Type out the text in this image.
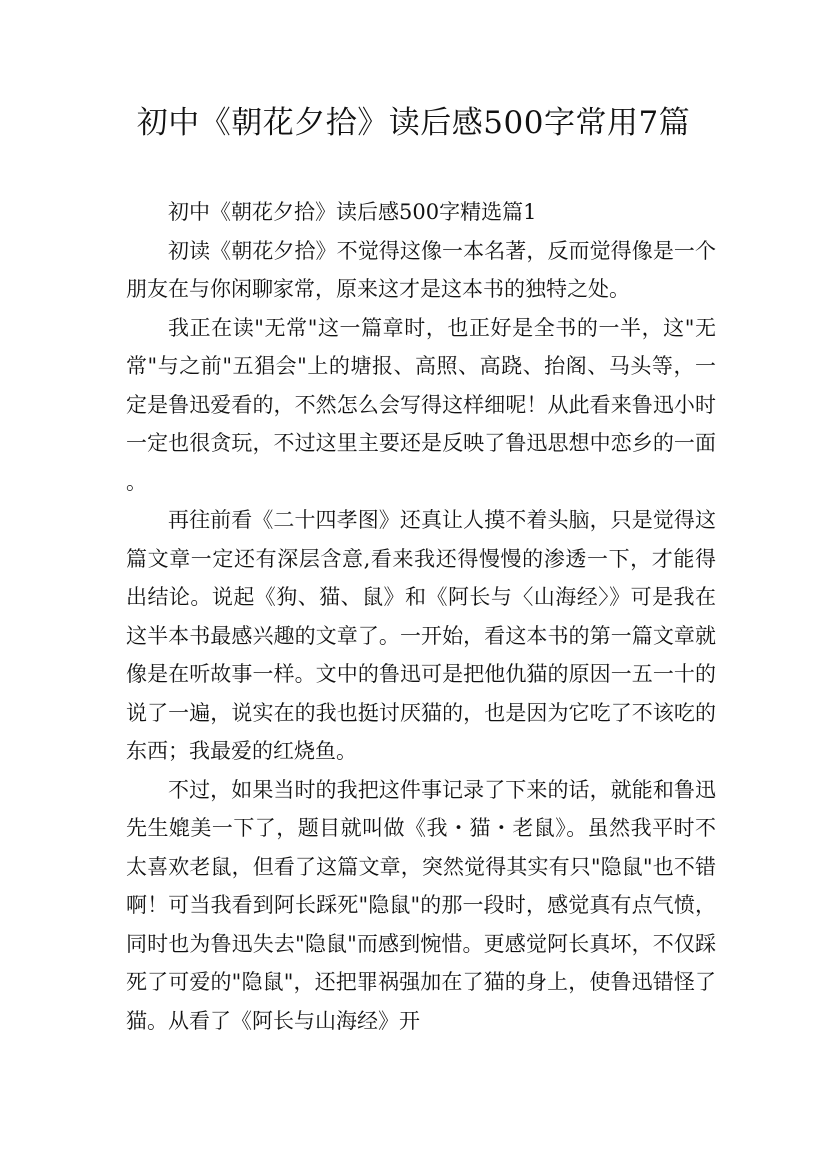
初中《朝花夕拾》读后感500字常用7篇

初中《朝花夕拾》读后感500字精选篇1

初读《朝花夕拾》不觉得这像一本名著，反而觉得像是一个朋友在与你闲聊家常，原来这才是这本书的独特之处。

我正在读"无常"这一篇章时，也正好是全书的一半，这"无常"与之前"五猖会"上的塘报、高照、高跷、抬阁、马头等，一定是鲁迅爱看的，不然怎么会写得这样细呢！从此看来鲁迅小时一定也很贪玩，不过这里主要还是反映了鲁迅思想中恋乡的一面。

再往前看《二十四孝图》还真让人摸不着头脑，只是觉得这篇文章一定还有深层含意,看来我还得慢慢的渗透一下，才能得出结论。说起《狗、猫、鼠》和《阿长与〈山海经〉》可是我在这半本书最感兴趣的文章了。一开始，看这本书的第一篇文章就像是在听故事一样。文中的鲁迅可是把他仇猫的原因一五一十的说了一遍，说实在的我也挺讨厌猫的，也是因为它吃了不该吃的东西；我最爱的红烧鱼。

不过，如果当时的我把这件事记录了下来的话，就能和鲁迅先生媲美一下了，题目就叫做《我・猫・老鼠》。虽然我平时不太喜欢老鼠，但看了这篇文章，突然觉得其实有只"隐鼠"也不错啊！可当我看到阿长踩死"隐鼠"的那一段时，感觉真有点气愤，同时也为鲁迅失去"隐鼠"而感到惋惜。更感觉阿长真坏，不仅踩死了可爱的"隐鼠"，还把罪祸强加在了猫的身上，使鲁迅错怪了猫。从看了《阿长与山海经》开
